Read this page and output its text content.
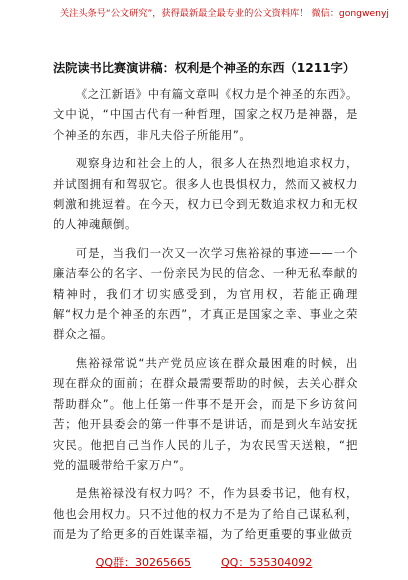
关注头条号“公文研究”，获得最新最全最专业的公文资料库！ 微信：gongwenyj
法院读书比赛演讲稿：权利是个神圣的东西（1211字）

《之江新语》中有篇文章叫《权力是个神圣的东西》。文中说，“中国古代有一种哲理，国家之权乃是神器，是个神圣的东西，非凡夫俗子所能用”。

观察身边和社会上的人，很多人在热烈地追求权力，并试图拥有和驾驭它。很多人也畏惧权力，然而又被权力刺激和挑逗着。在今天，权力已令到无数追求权力和无权的人神魂颠倒。

可是，当我们一次又一次学习焦裕禄的事迹——一个廉洁奉公的名字、一份亲民为民的信念、一种无私奉献的精神时，我们才切实感受到，为官用权，若能正确理解“权力是个神圣的东西”，才真正是国家之幸、事业之荣群众之福。

焦裕禄常说“共产党员应该在群众最困难的时候，出现在群众的面前；在群众最需要帮助的时候，去关心群众帮助群众”。他上任第一件事不是开会，而是下乡访贫问苦；他开县委会的第一件事不是讲话，而是到火车站安抚灾民。他把自己当作人民的儿子，为农民雪天送粮，“把党的温暖带给千家万户”。

是焦裕禄没有权力吗？不，作为县委书记，他有权，他也会用权力。只不过他的权力不是为了给自己谋私利，而是为了给更多的百姓谋幸福，为了给更重要的事业做贡

QQ群：30265665	QQ：535304092
